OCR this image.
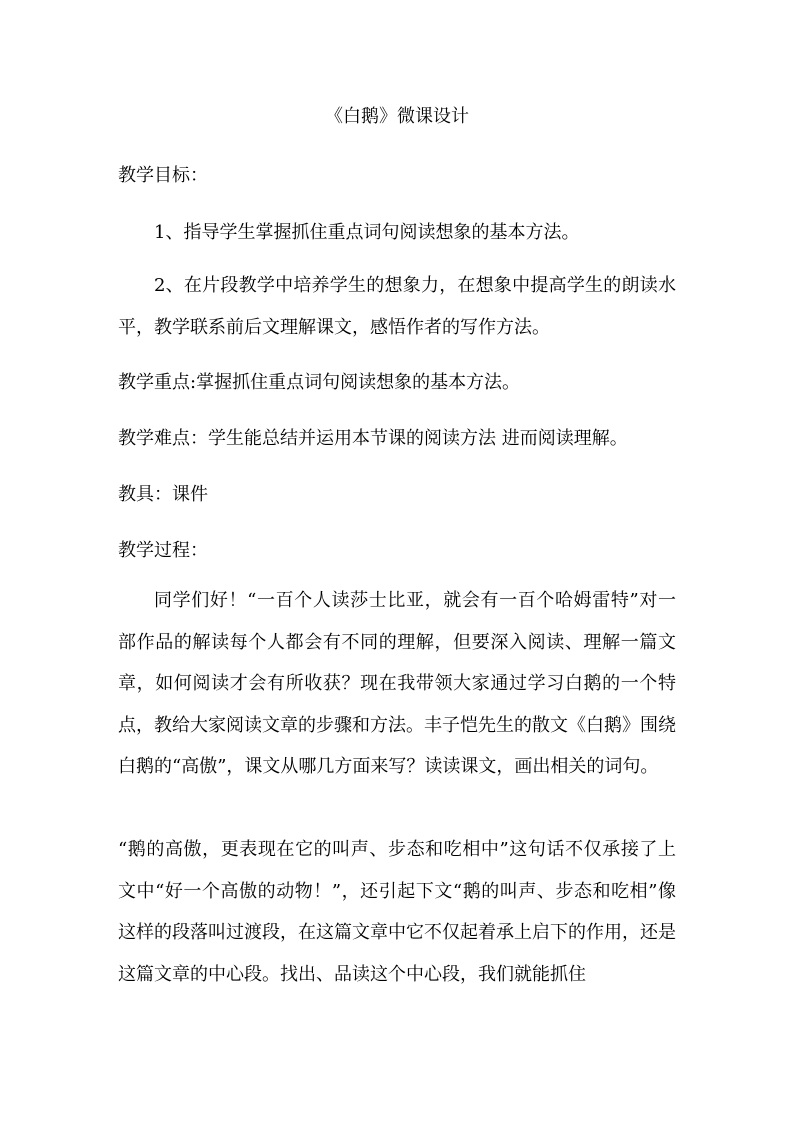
《白鹅》微课设计
教学目标：
1、指导学生掌握抓住重点词句阅读想象的基本方法。
2、在片段教学中培养学生的想象力，在想象中提高学生的朗读水平，教学联系前后文理解课文，感悟作者的写作方法。
教学重点:掌握抓住重点词句阅读想象的基本方法。
教学难点：学生能总结并运用本节课的阅读方法 进而阅读理解。
教具：课件
教学过程：
同学们好！“一百个人读莎士比亚，就会有一百个哈姆雷特”对一部作品的解读每个人都会有不同的理解，但要深入阅读、理解一篇文章，如何阅读才会有所收获？现在我带领大家通过学习白鹅的一个特点，教给大家阅读文章的步骤和方法。丰子恺先生的散文《白鹅》围绕白鹅的“高傲”，课文从哪几方面来写？读读课文，画出相关的词句。
“鹅的高傲，更表现在它的叫声、步态和吃相中”这句话不仅承接了上文中“好一个高傲的动物！”，还引起下文“鹅的叫声、步态和吃相”像这样的段落叫过渡段，在这篇文章中它不仅起着承上启下的作用，还是这篇文章的中心段。找出、品读这个中心段，我们就能抓住
